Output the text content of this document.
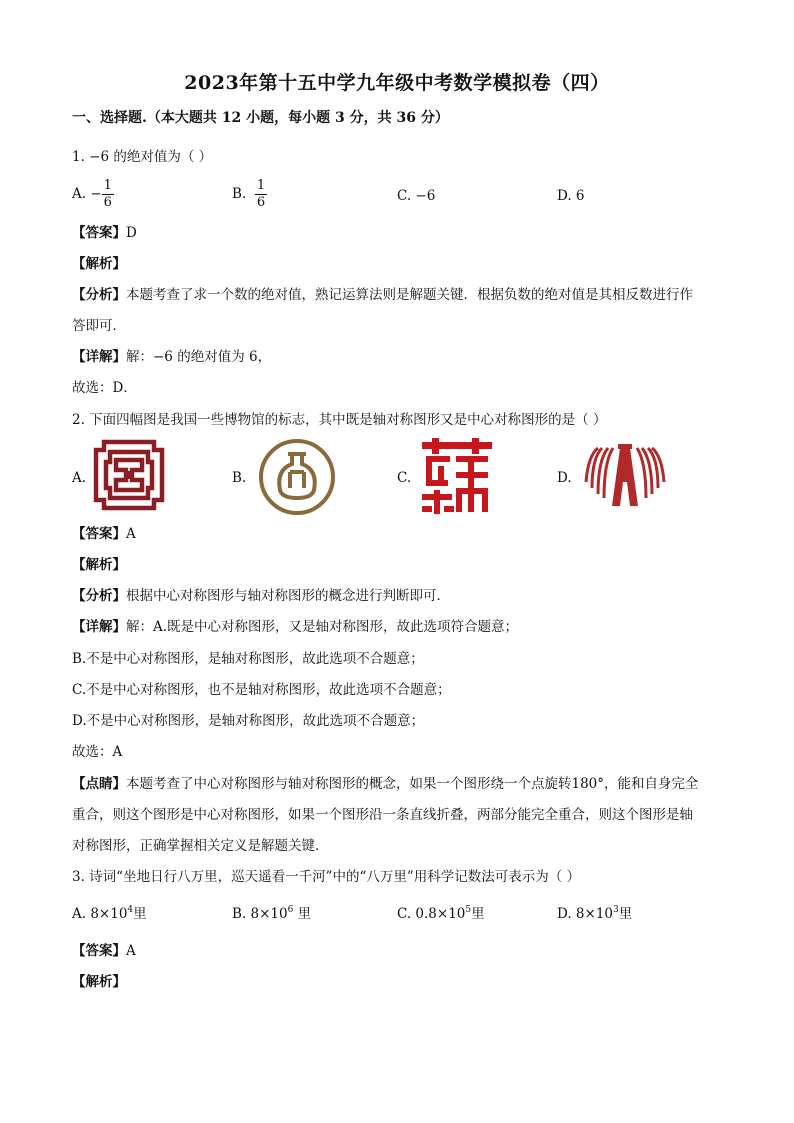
2023年第十五中学九年级中考数学模拟卷（四）
一、选择题.（本大题共 12 小题，每小题 3 分，共 36 分）
1. −6 的绝对值为（ ）
A. − $\frac{1}{6}$	B. $\frac{1}{6}$	C. −6	D. 6
【答案】D
【解析】
【分析】本题考查了求一个数的绝对值，熟记运算法则是解题关键．根据负数的绝对值是其相反数进行作
答即可．
【详解】解：−6 的绝对值为 6，
故选：D．
2. 下面四幅图是我国一些博物馆的标志，其中既是轴对称图形又是中心对称图形的是（ ）
A.	B.	C.	D.
【答案】A
【解析】
【分析】根据中心对称图形与轴对称图形的概念进行判断即可．
【详解】解：A.既是中心对称图形，又是轴对称图形，故此选项符合题意；
B.不是中心对称图形，是轴对称图形，故此选项不合题意；
C.不是中心对称图形，也不是轴对称图形，故此选项不合题意；
D.不是中心对称图形，是轴对称图形，故此选项不合题意；
故选：A
【点睛】本题考查了中心对称图形与轴对称图形的概念，如果一个图形绕一个点旋转180°，能和自身完全
重合，则这个图形是中心对称图形，如果一个图形沿一条直线折叠，两部分能完全重合，则这个图形是轴
对称图形，正确掌握相关定义是解题关键．
3. 诗词“坐地日行八万里，巡天遥看一千河”中的“八万里”用科学记数法可表示为（ ）
A. $8\times 10^4$里	B. $8\times 10^6$ 里	C. $0.8\times 10^5$里	D. $8\times 10^3$里
【答案】A
【解析】
